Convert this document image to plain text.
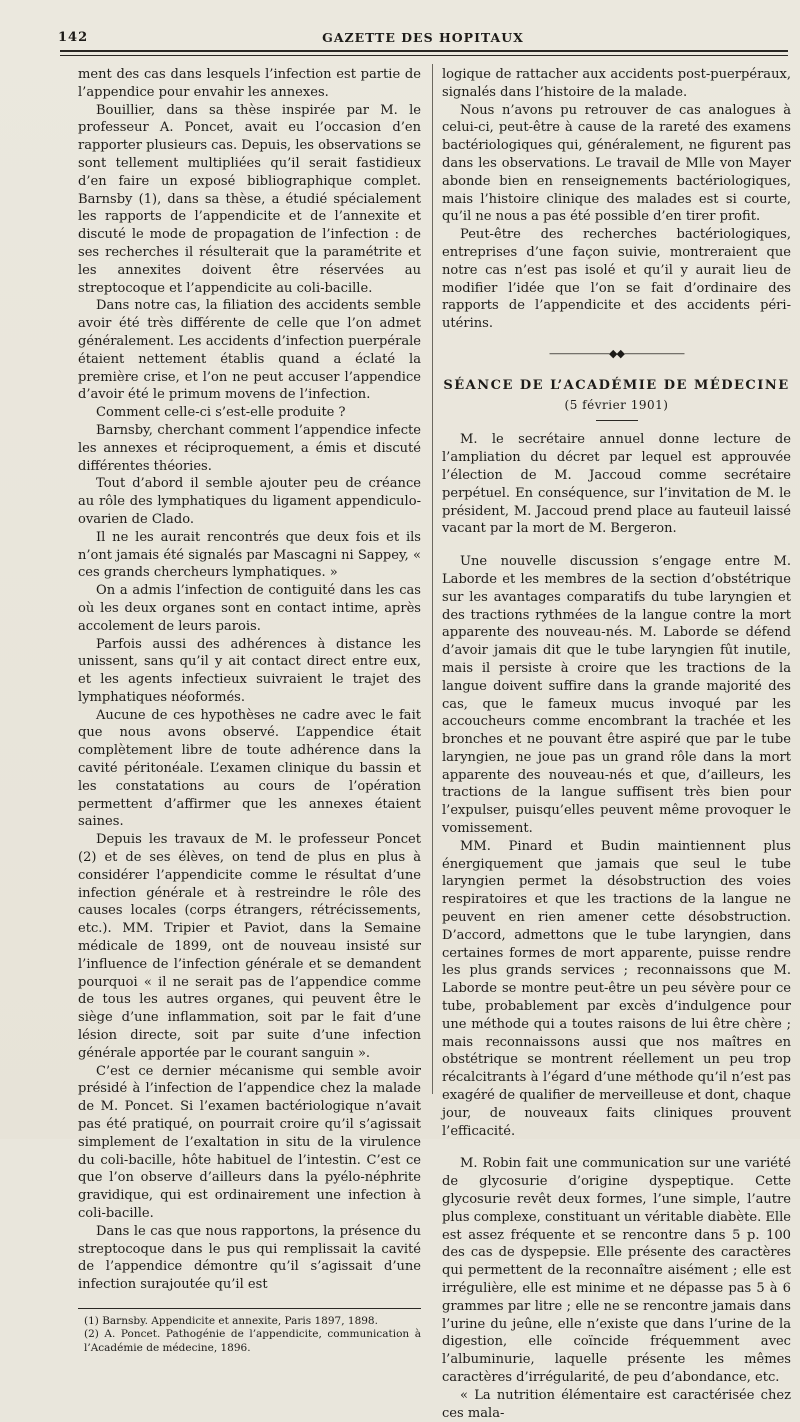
142	GAZETTE DES HOPITAUX

ment des cas dans lesquels l’infection est partie de l’appendice pour envahir les annexes.

Bouillier, dans sa thèse inspirée par M. le professeur A. Poncet, avait eu l’occasion d’en rapporter plusieurs cas. Depuis, les observations se sont tellement multipliées qu’il serait fastidieux d’en faire un exposé bibliographique complet. Barnsby (1), dans sa thèse, a étudié spécialement les rapports de l’appendicite et de l’annexite et discuté le mode de propagation de l’infection : de ses recherches il résulterait que la paramétrite et les annexites doivent être réservées au streptocoque et l’appendicite au coli-bacille.

Dans notre cas, la filiation des accidents semble avoir été très différente de celle que l’on admet généralement. Les accidents d’infection puerpérale étaient nettement établis quand a éclaté la première crise, et l’on ne peut accuser l’appendice d’avoir été le primum movens de l’infection.

Comment celle-ci s’est-elle produite ?

Barnsby, cherchant comment l’appendice infecte les annexes et réciproquement, a émis et discuté différentes théories.

Tout d’abord il semble ajouter peu de créance au rôle des lymphatiques du ligament appendiculo-ovarien de Clado.

Il ne les aurait rencontrés que deux fois et ils n’ont jamais été signalés par Mascagni ni Sappey, « ces grands chercheurs lymphatiques. »

On a admis l’infection de contiguité dans les cas où les deux organes sont en contact intime, après accolement de leurs parois.

Parfois aussi des adhérences à distance les unissent, sans qu’il y ait contact direct entre eux, et les agents infectieux suivraient le trajet des lymphatiques néoformés.

Aucune de ces hypothèses ne cadre avec le fait que nous avons observé. L’appendice était complètement libre de toute adhérence dans la cavité péritonéale. L’examen clinique du bassin et les constatations au cours de l’opération permettent d’affirmer que les annexes étaient saines.

Depuis les travaux de M. le professeur Poncet (2) et de ses élèves, on tend de plus en plus à considérer l’appendicite comme le résultat d’une infection générale et à restreindre le rôle des causes locales (corps étrangers, rétrécissements, etc.). MM. Tripier et Paviot, dans la Semaine médicale de 1899, ont de nouveau insisté sur l’influence de l’infection générale et se demandent pourquoi « il ne serait pas de l’appendice comme de tous les autres organes, qui peuvent être le siège d’une inflammation, soit par le fait d’une lésion directe, soit par suite d’une infection générale apportée par le courant sanguin ».

C’est ce dernier mécanisme qui semble avoir présidé à l’infection de l’appendice chez la malade de M. Poncet. Si l’examen bactériologique n’avait pas été pratiqué, on pourrait croire qu’il s’agissait simplement de l’exaltation in situ de la virulence du coli-bacille, hôte habituel de l’intestin. C’est ce que l’on observe d’ailleurs dans la pyélo-néphrite gravidique, qui est ordinairement une infection à coli-bacille.

Dans le cas que nous rapportons, la présence du streptocoque dans le pus qui remplissait la cavité de l’appendice démontre qu’il s’agissait d’une infection surajoutée qu’il est

(1) Barnsby. Appendicite et annexite, Paris 1897, 1898.

(2) A. Poncet. Pathogénie de l’appendicite, communication à l’Académie de médecine, 1896.

logique de rattacher aux accidents post-puerpéraux, signalés dans l’histoire de la malade.

Nous n’avons pu retrouver de cas analogues à celui-ci, peut-être à cause de la rareté des examens bactériologiques qui, généralement, ne figurent pas dans les observations. Le travail de Mlle von Mayer abonde bien en renseignements bactériologiques, mais l’histoire clinique des malades est si courte, qu’il ne nous a pas été possible d’en tirer profit.

Peut-être des recherches bactériologiques, entreprises d’une façon suivie, montreraient que notre cas n’est pas isolé et qu’il y aurait lieu de modifier l’idée que l’on se fait d’ordinaire des rapports de l’appendicite et des accidents péri-utérins.

——————◆◆——————
SÉANCE DE L’ACADÉMIE DE MÉDECINE
(5 février 1901)

M. le secrétaire annuel donne lecture de l’ampliation du décret par lequel est approuvée l’élection de M. Jaccoud comme secrétaire perpétuel. En conséquence, sur l’invitation de M. le président, M. Jaccoud prend place au fauteuil laissé vacant par la mort de M. Bergeron.

Une nouvelle discussion s’engage entre M. Laborde et les membres de la section d’obstétrique sur les avantages comparatifs du tube laryngien et des tractions rythmées de la langue contre la mort apparente des nouveau-nés. M. Laborde se défend d’avoir jamais dit que le tube laryngien fût inutile, mais il persiste à croire que les tractions de la langue doivent suffire dans la grande majorité des cas, que le fameux mucus invoqué par les accoucheurs comme encombrant la trachée et les bronches et ne pouvant être aspiré que par le tube laryngien, ne joue pas un grand rôle dans la mort apparente des nouveau-nés et que, d’ailleurs, les tractions de la langue suffisent très bien pour l’expulser, puisqu’elles peuvent même provoquer le vomissement.

MM. Pinard et Budin maintiennent plus énergiquement que jamais que seul le tube laryngien permet la désobstruction des voies respiratoires et que les tractions de la langue ne peuvent en rien amener cette désobstruction. D’accord, admettons que le tube laryngien, dans certaines formes de mort apparente, puisse rendre les plus grands services ; reconnaissons que M. Laborde se montre peut-être un peu sévère pour ce tube, probablement par excès d’indulgence pour une méthode qui a toutes raisons de lui être chère ; mais reconnaissons aussi que nos maîtres en obstétrique se montrent réellement un peu trop récalcitrants à l’égard d’une méthode qu’il n’est pas exagéré de qualifier de merveilleuse et dont, chaque jour, de nouveaux faits cliniques prouvent l’efficacité.

M. Robin fait une communication sur une variété de glycosurie d’origine dyspeptique. Cette glycosurie revêt deux formes, l’une simple, l’autre plus complexe, constituant un véritable diabète. Elle est assez fréquente et se rencontre dans 5 p. 100 des cas de dyspepsie. Elle présente des caractères qui permettent de la reconnaître aisément ; elle est irrégulière, elle est minime et ne dépasse pas 5 à 6 grammes par litre ; elle ne se rencontre jamais dans l’urine du jeûne, elle n’existe que dans l’urine de la digestion, elle coïncide fréquemment avec l’albuminurie, laquelle présente les mêmes caractères d’irrégularité, de peu d’abondance, etc.

« La nutrition élémentaire est caractérisée chez ces mala-
